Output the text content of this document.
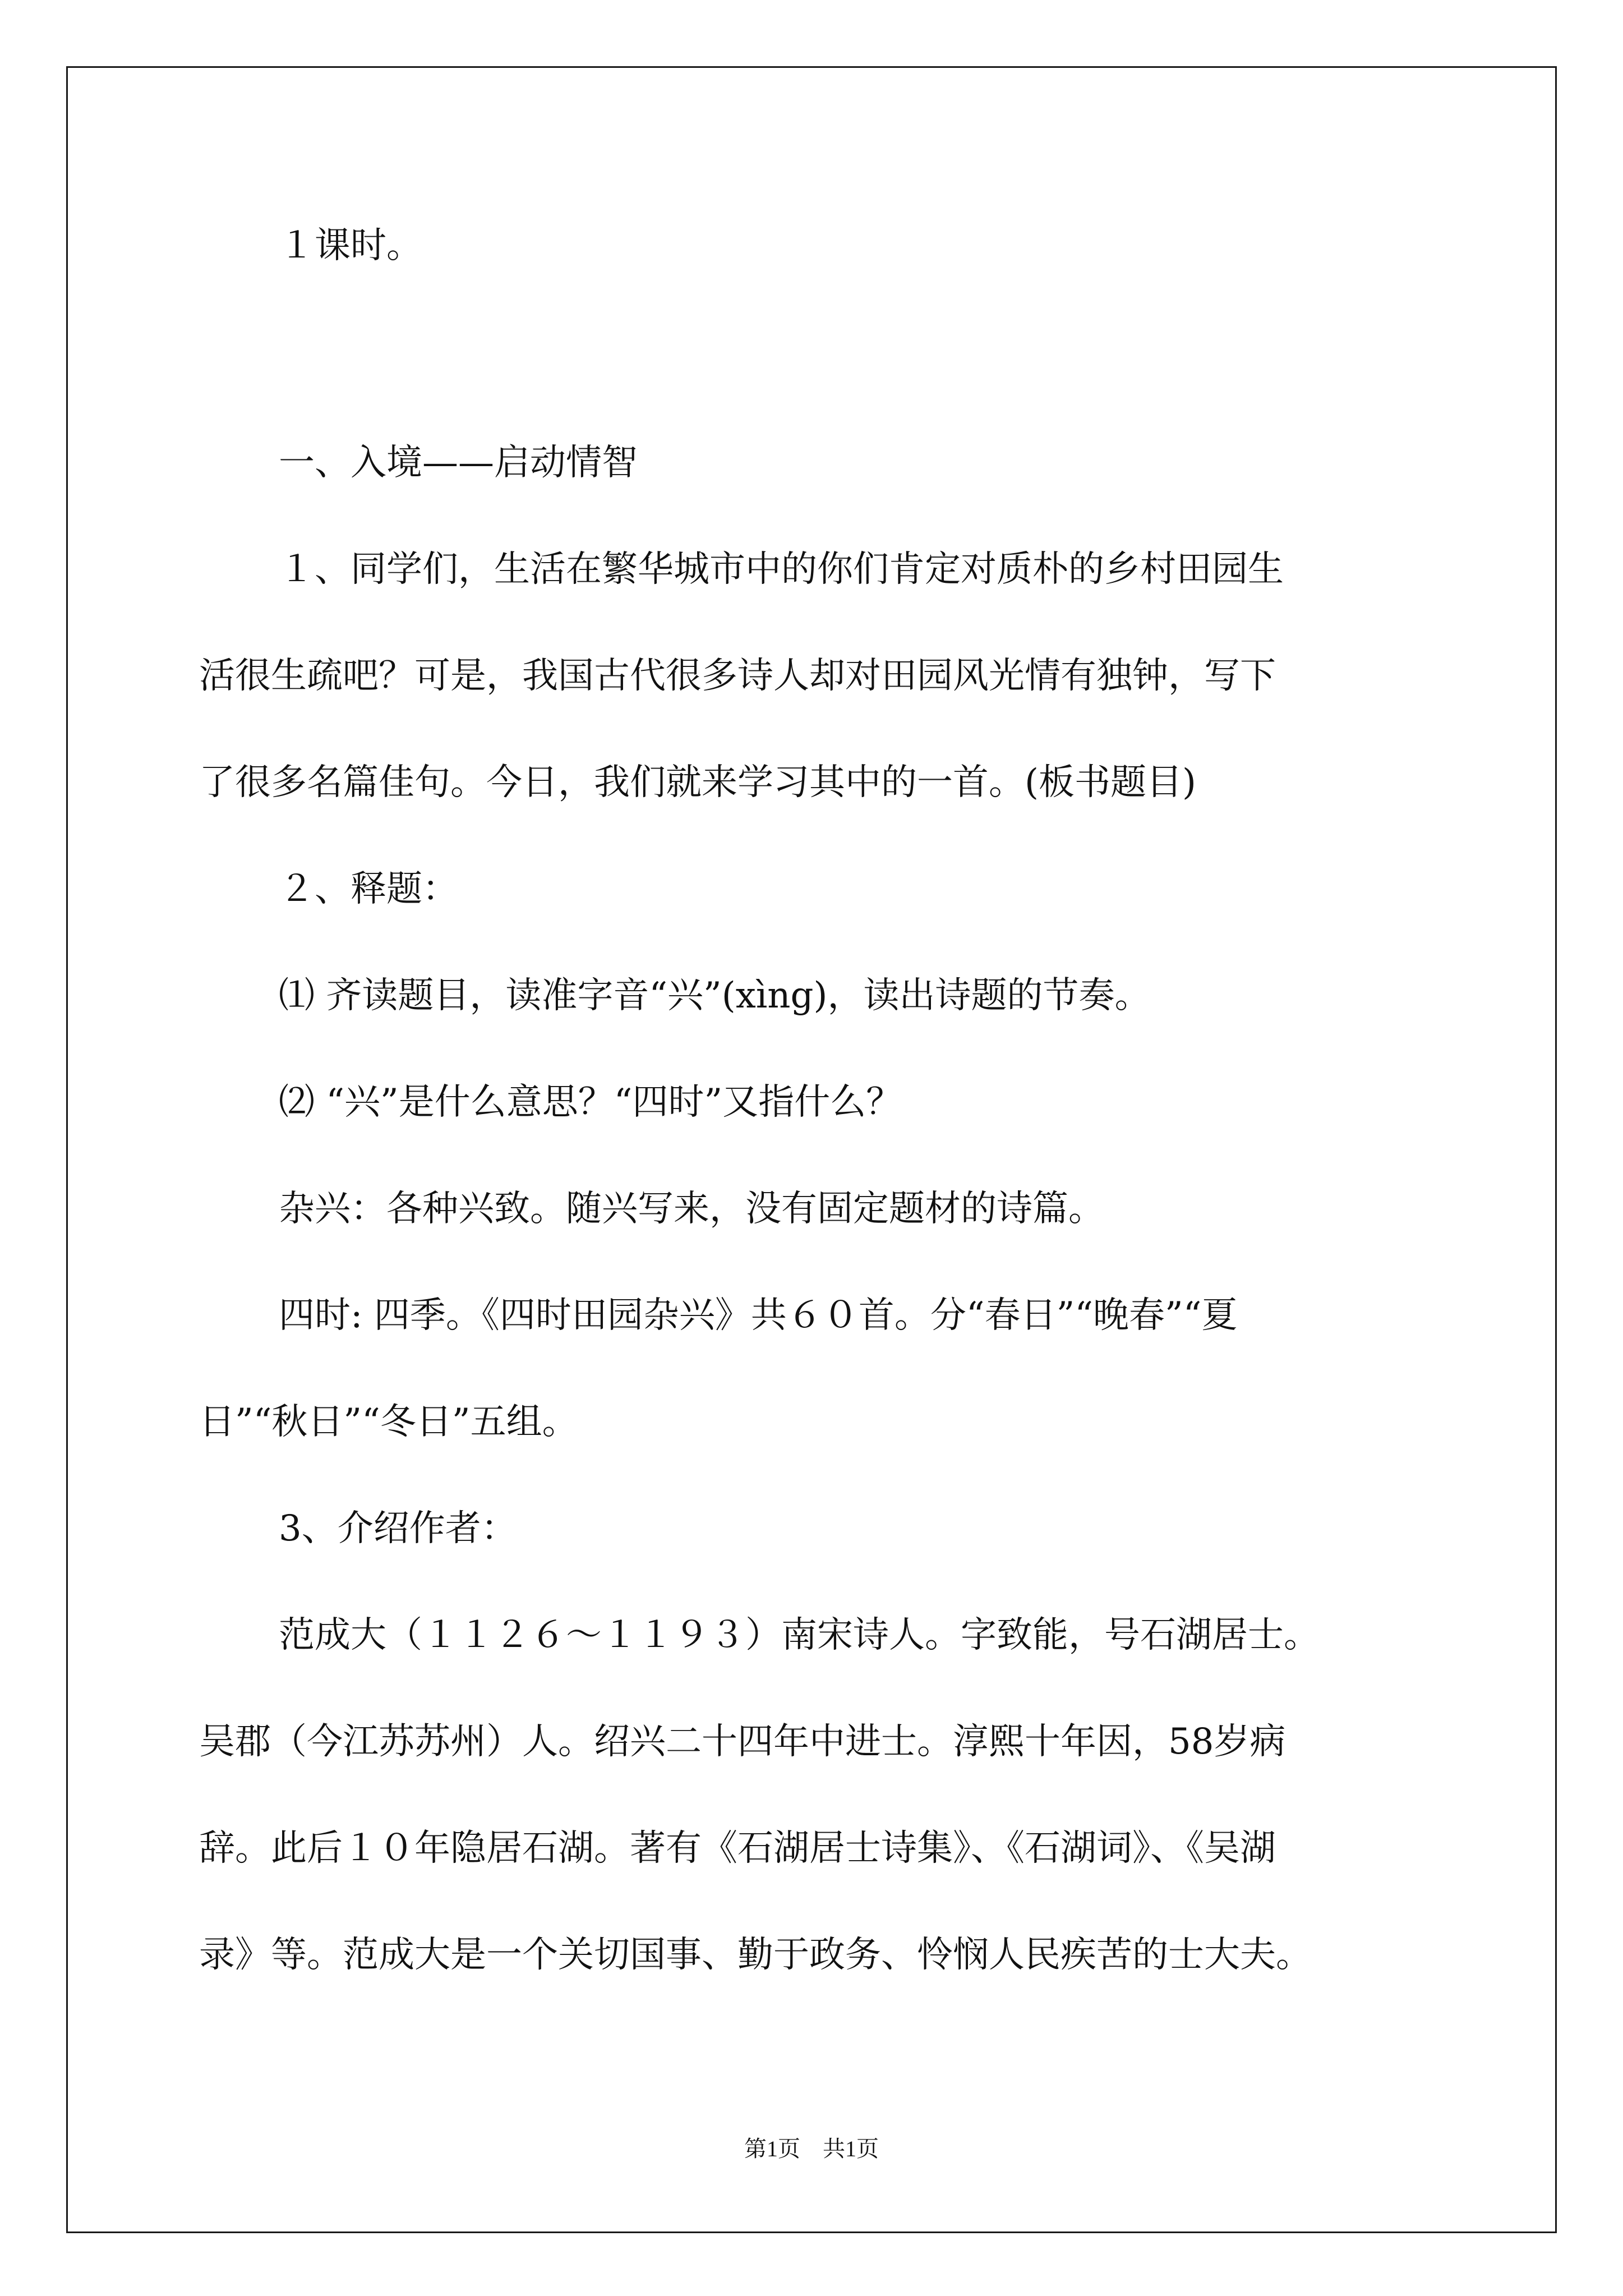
１课时。

一、入境——启动情智

１、同学们，生活在繁华城市中的你们肯定对质朴的乡村田园生

活很生疏吧？可是，我国古代很多诗人却对田园风光情有独钟，写下

了很多名篇佳句。今日，我们就来学习其中的一首。(板书题目)

２、释题：

⑴ 齐读题目，读准字音“兴”(xìng)，读出诗题的节奏。

⑵ “兴”是什么意思？“四时”又指什么？

杂兴：各种兴致。随兴写来，没有固定题材的诗篇。

四时: 四季。《四时田园杂兴》共６０首。分“春日”“晚春”“夏

日”“秋日”“冬日”五组。

3、介绍作者：

范成大（１１２６～１１９３）南宋诗人。字致能，号石湖居士。

吴郡（今江苏苏州）人。绍兴二十四年中进士。淳熙十年因，58岁病

辞。此后１０年隐居石湖。著有《石湖居士诗集》、《石湖词》、《吴湖

录》等。范成大是一个关切国事、勤于政务、怜悯人民疾苦的士大夫。

第1页　共1页
